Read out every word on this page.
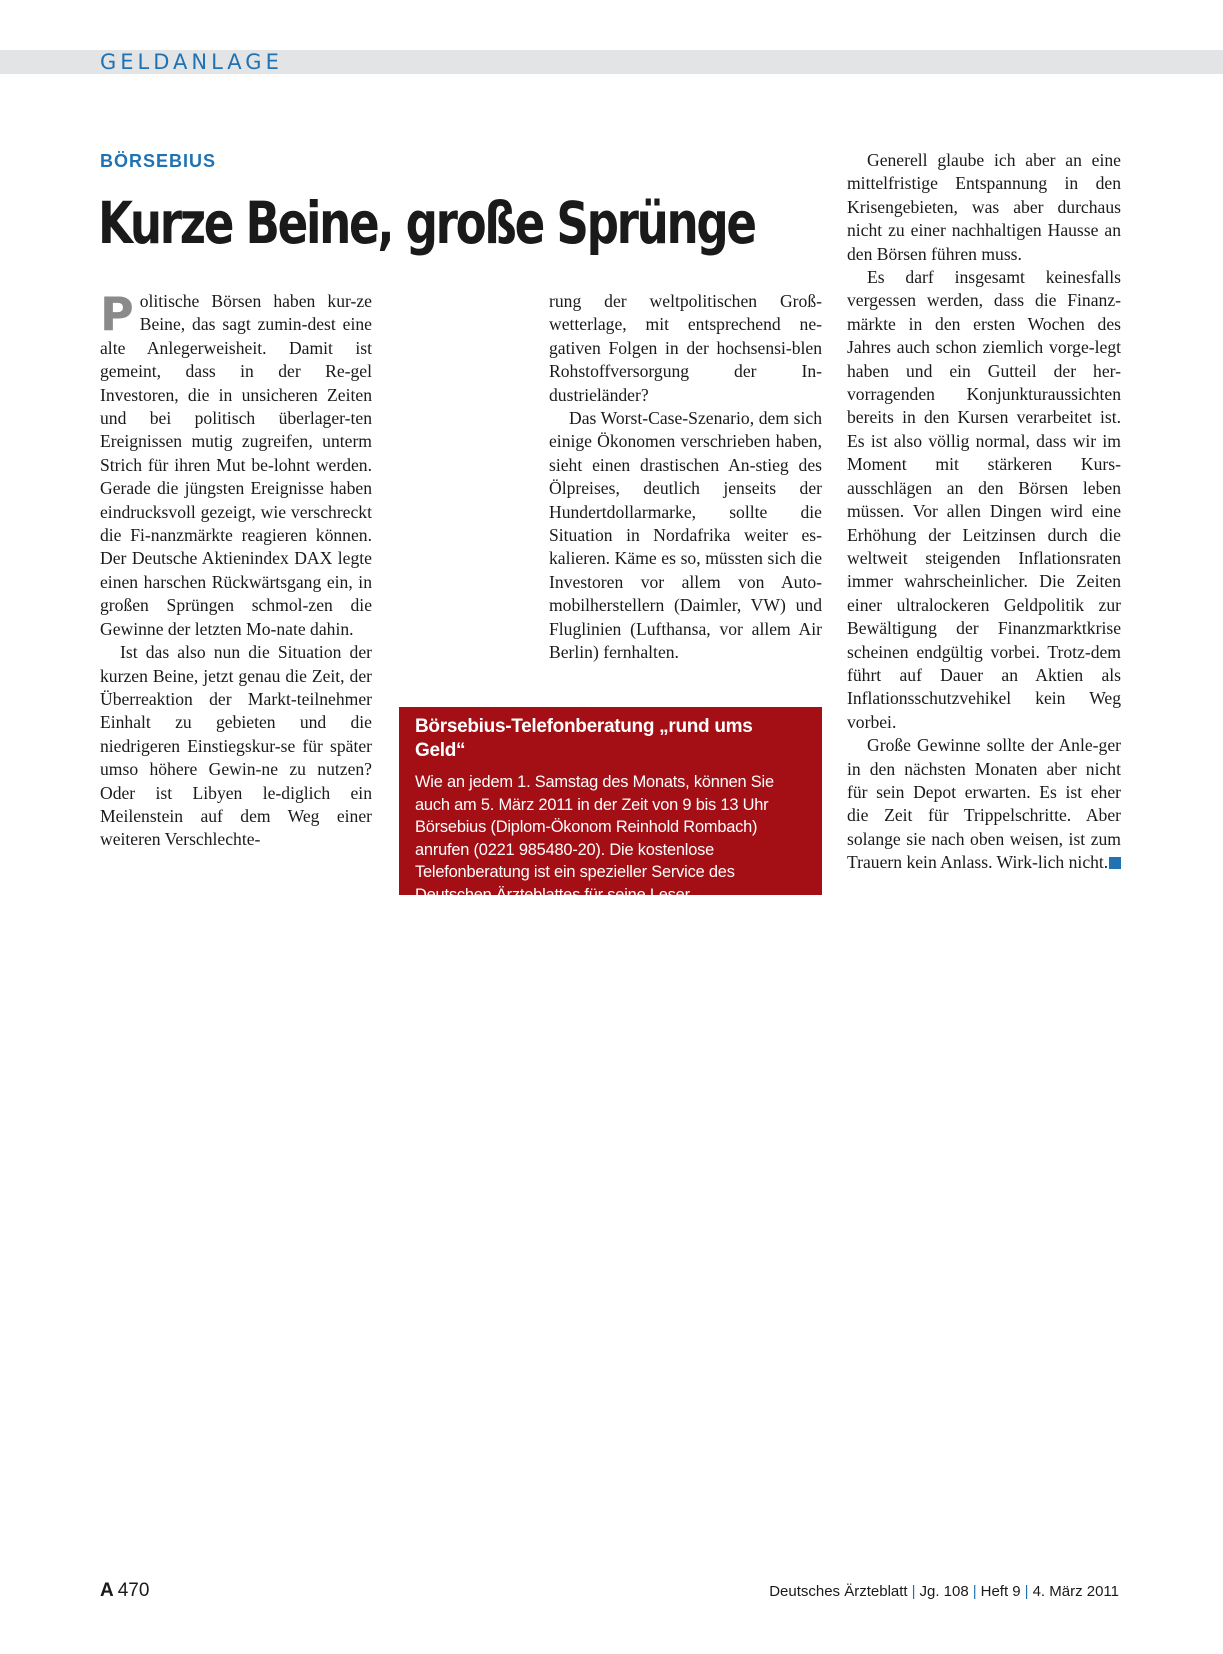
GELDANLAGE
BÖRSEBIUS
Kurze Beine, große Sprünge

Politische Börsen haben kur-ze Beine, das sagt zumin-dest eine alte Anlegerweisheit. Damit ist gemeint, dass in der Re-gel Investoren, die in unsicheren Zeiten und bei politisch überlager-ten Ereignissen mutig zugreifen, unterm Strich für ihren Mut be-lohnt werden. Gerade die jüngsten Ereignisse haben eindrucksvoll gezeigt, wie verschreckt die Fi-nanzmärkte reagieren können. Der Deutsche Aktienindex DAX legte einen harschen Rückwärtsgang ein, in großen Sprüngen schmol-zen die Gewinne der letzten Mo-nate dahin.

Ist das also nun die Situation der kurzen Beine, jetzt genau die Zeit, der Überreaktion der Markt-teilnehmer Einhalt zu gebieten und die niedrigeren Einstiegskur-se für später umso höhere Gewin-ne zu nutzen? Oder ist Libyen le-diglich ein Meilenstein auf dem Weg einer weiteren Verschlechte-

rung der weltpolitischen Groß-wetterlage, mit entsprechend ne-gativen Folgen in der hochsensi-blen Rohstoffversorgung der In-dustrieländer?

Das Worst-Case-Szenario, dem sich einige Ökonomen verschrieben haben, sieht einen drastischen An-stieg des Ölpreises, deutlich jenseits der Hundertdollarmarke, sollte die Situation in Nordafrika weiter es-kalieren. Käme es so, müssten sich die Investoren vor allem von Auto-mobilherstellern (Daimler, VW) und Fluglinien (Lufthansa, vor allem Air Berlin) fernhalten.

Börsebius-Telefonberatung „rund ums Geld“

Wie an jedem 1. Samstag des Monats, können Sie auch am 5. März 2011 in der Zeit von 9 bis 13 Uhr Börsebius (Diplom-Ökonom Reinhold Rombach) anrufen (0221 985480-20). Die kostenlose Telefonberatung ist ein spezieller Service des Deutschen Ärzteblattes für seine Leser.

Generell glaube ich aber an eine mittelfristige Entspannung in den Krisengebieten, was aber durchaus nicht zu einer nachhaltigen Hausse an den Börsen führen muss.

Es darf insgesamt keinesfalls vergessen werden, dass die Finanz-märkte in den ersten Wochen des Jahres auch schon ziemlich vorge-legt haben und ein Gutteil der her-vorragenden Konjunkturaussichten bereits in den Kursen verarbeitet ist. Es ist also völlig normal, dass wir im Moment mit stärkeren Kurs-ausschlägen an den Börsen leben müssen. Vor allen Dingen wird eine Erhöhung der Leitzinsen durch die weltweit steigenden Inflationsraten immer wahrscheinlicher. Die Zeiten einer ultralockeren Geldpolitik zur Bewältigung der Finanzmarktkrise scheinen endgültig vorbei. Trotz-dem führt auf Dauer an Aktien als Inflationsschutzvehikel kein Weg vorbei.

Große Gewinne sollte der Anle-ger in den nächsten Monaten aber nicht für sein Depot erwarten. Es ist eher die Zeit für Trippelschritte. Aber solange sie nach oben weisen, ist zum Trauern kein Anlass. Wirk-lich nicht.

A 470	Deutsches Ärzteblatt | Jg. 108 | Heft 9 | 4. März 2011
